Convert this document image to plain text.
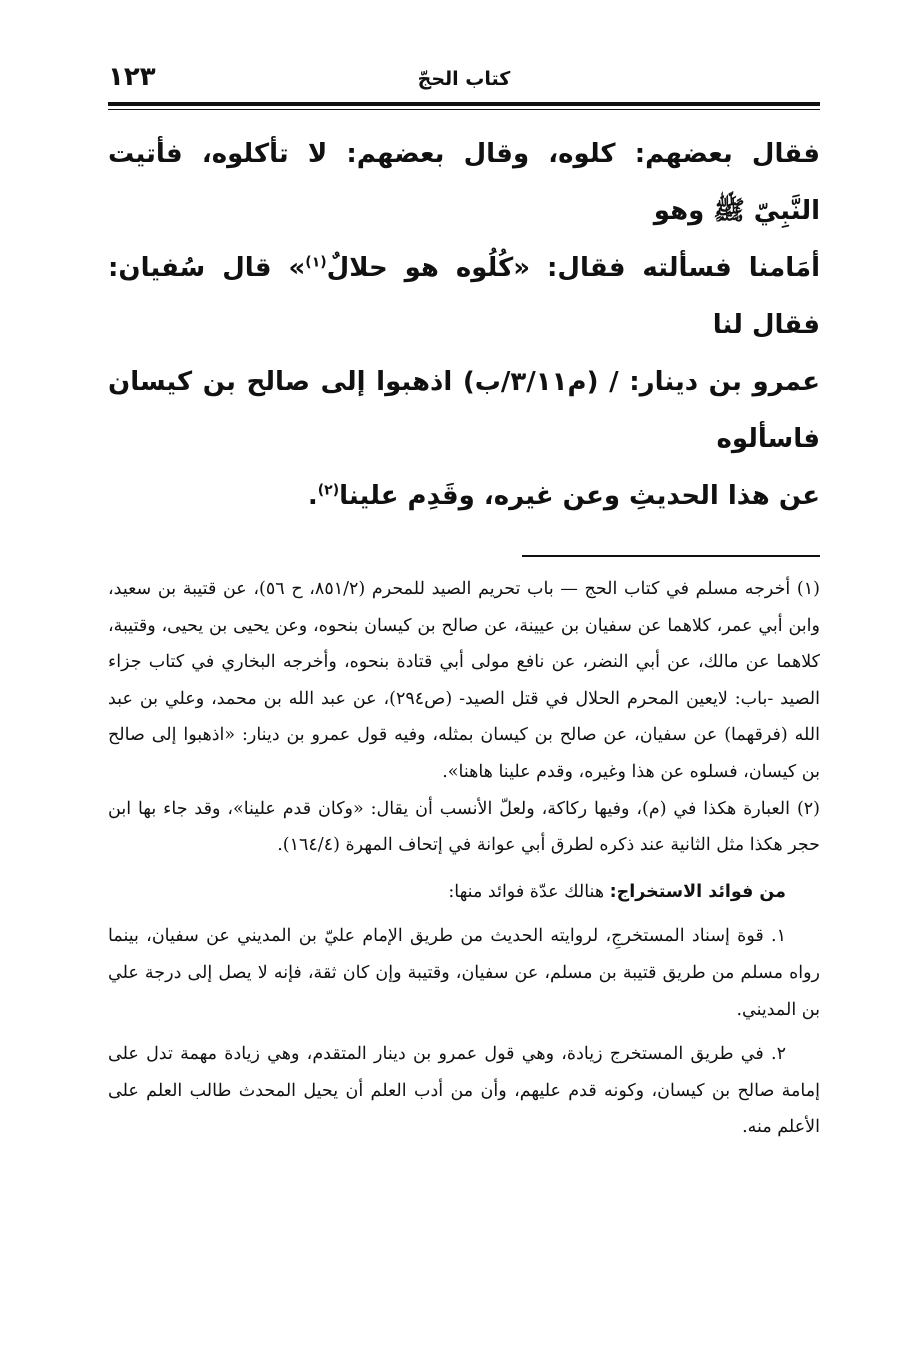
كتاب الحجّ
١٢٣

فقال بعضهم: كلوه، وقال بعضهم: لا تأكلوه، فأتيت النَّبِيّ ﷺ وهو

أمَامنا فسألته فقال: «كُلُوه هو حلالٌ$^{(١)}$» قال سُفيان: فقال لنا

عمرو بن دينار: / (م٣/١١/ب) اذهبوا إلى صالح بن كيسان فاسألوه

عن هذا الحديثِ وعن غيره، وقَدِم علينا$^{(٢)}$.

(١) أخرجه مسلم في كتاب الحج — باب تحريم الصيد للمحرم (٨٥١/٢، ح ٥٦)، عن قتيبة بن سعيد، وابن أبي عمر، كلاهما عن سفيان بن عيينة، عن صالح بن كيسان بنحوه، وعن يحيى بن يحيى، وقتيبة، كلاهما عن مالك، عن أبي النضر، عن نافع مولى أبي قتادة بنحوه، وأخرجه البخاري في كتاب جزاء الصيد -باب: لايعين المحرم الحلال في قتل الصيد- (ص٢٩٤)، عن عبد الله بن محمد، وعلي بن عبد الله (فرقهما) عن سفيان، عن صالح بن كيسان بمثله، وفيه قول عمرو بن دينار: «اذهبوا إلى صالح بن كيسان، فسلوه عن هذا وغيره، وقدم علينا هاهنا».

(٢) العبارة هكذا في (م)، وفيها ركاكة، ولعلّ الأنسب أن يقال: «وكان قدم علينا»، وقد جاء بها ابن حجر هكذا مثل الثانية عند ذكره لطرق أبي عوانة في إتحاف المهرة (١٦٤/٤).

من فوائد الاستخراج: هنالك عدّة فوائد منها:

١. قوة إسناد المستخرجِ، لروايته الحديث من طريق الإمام عليّ بن المديني عن سفيان، بينما رواه مسلم من طريق قتيبة بن مسلم، عن سفيان، وقتيبة وإن كان ثقة، فإنه لا يصل إلى درجة علي بن المديني.

٢. في طريق المستخرج زيادة، وهي قول عمرو بن دينار المتقدم، وهي زيادة مهمة تدل على إمامة صالح بن كيسان، وكونه قدم عليهم، وأن من أدب العلم أن يحيل المحدث طالب العلم على الأعلم منه.
